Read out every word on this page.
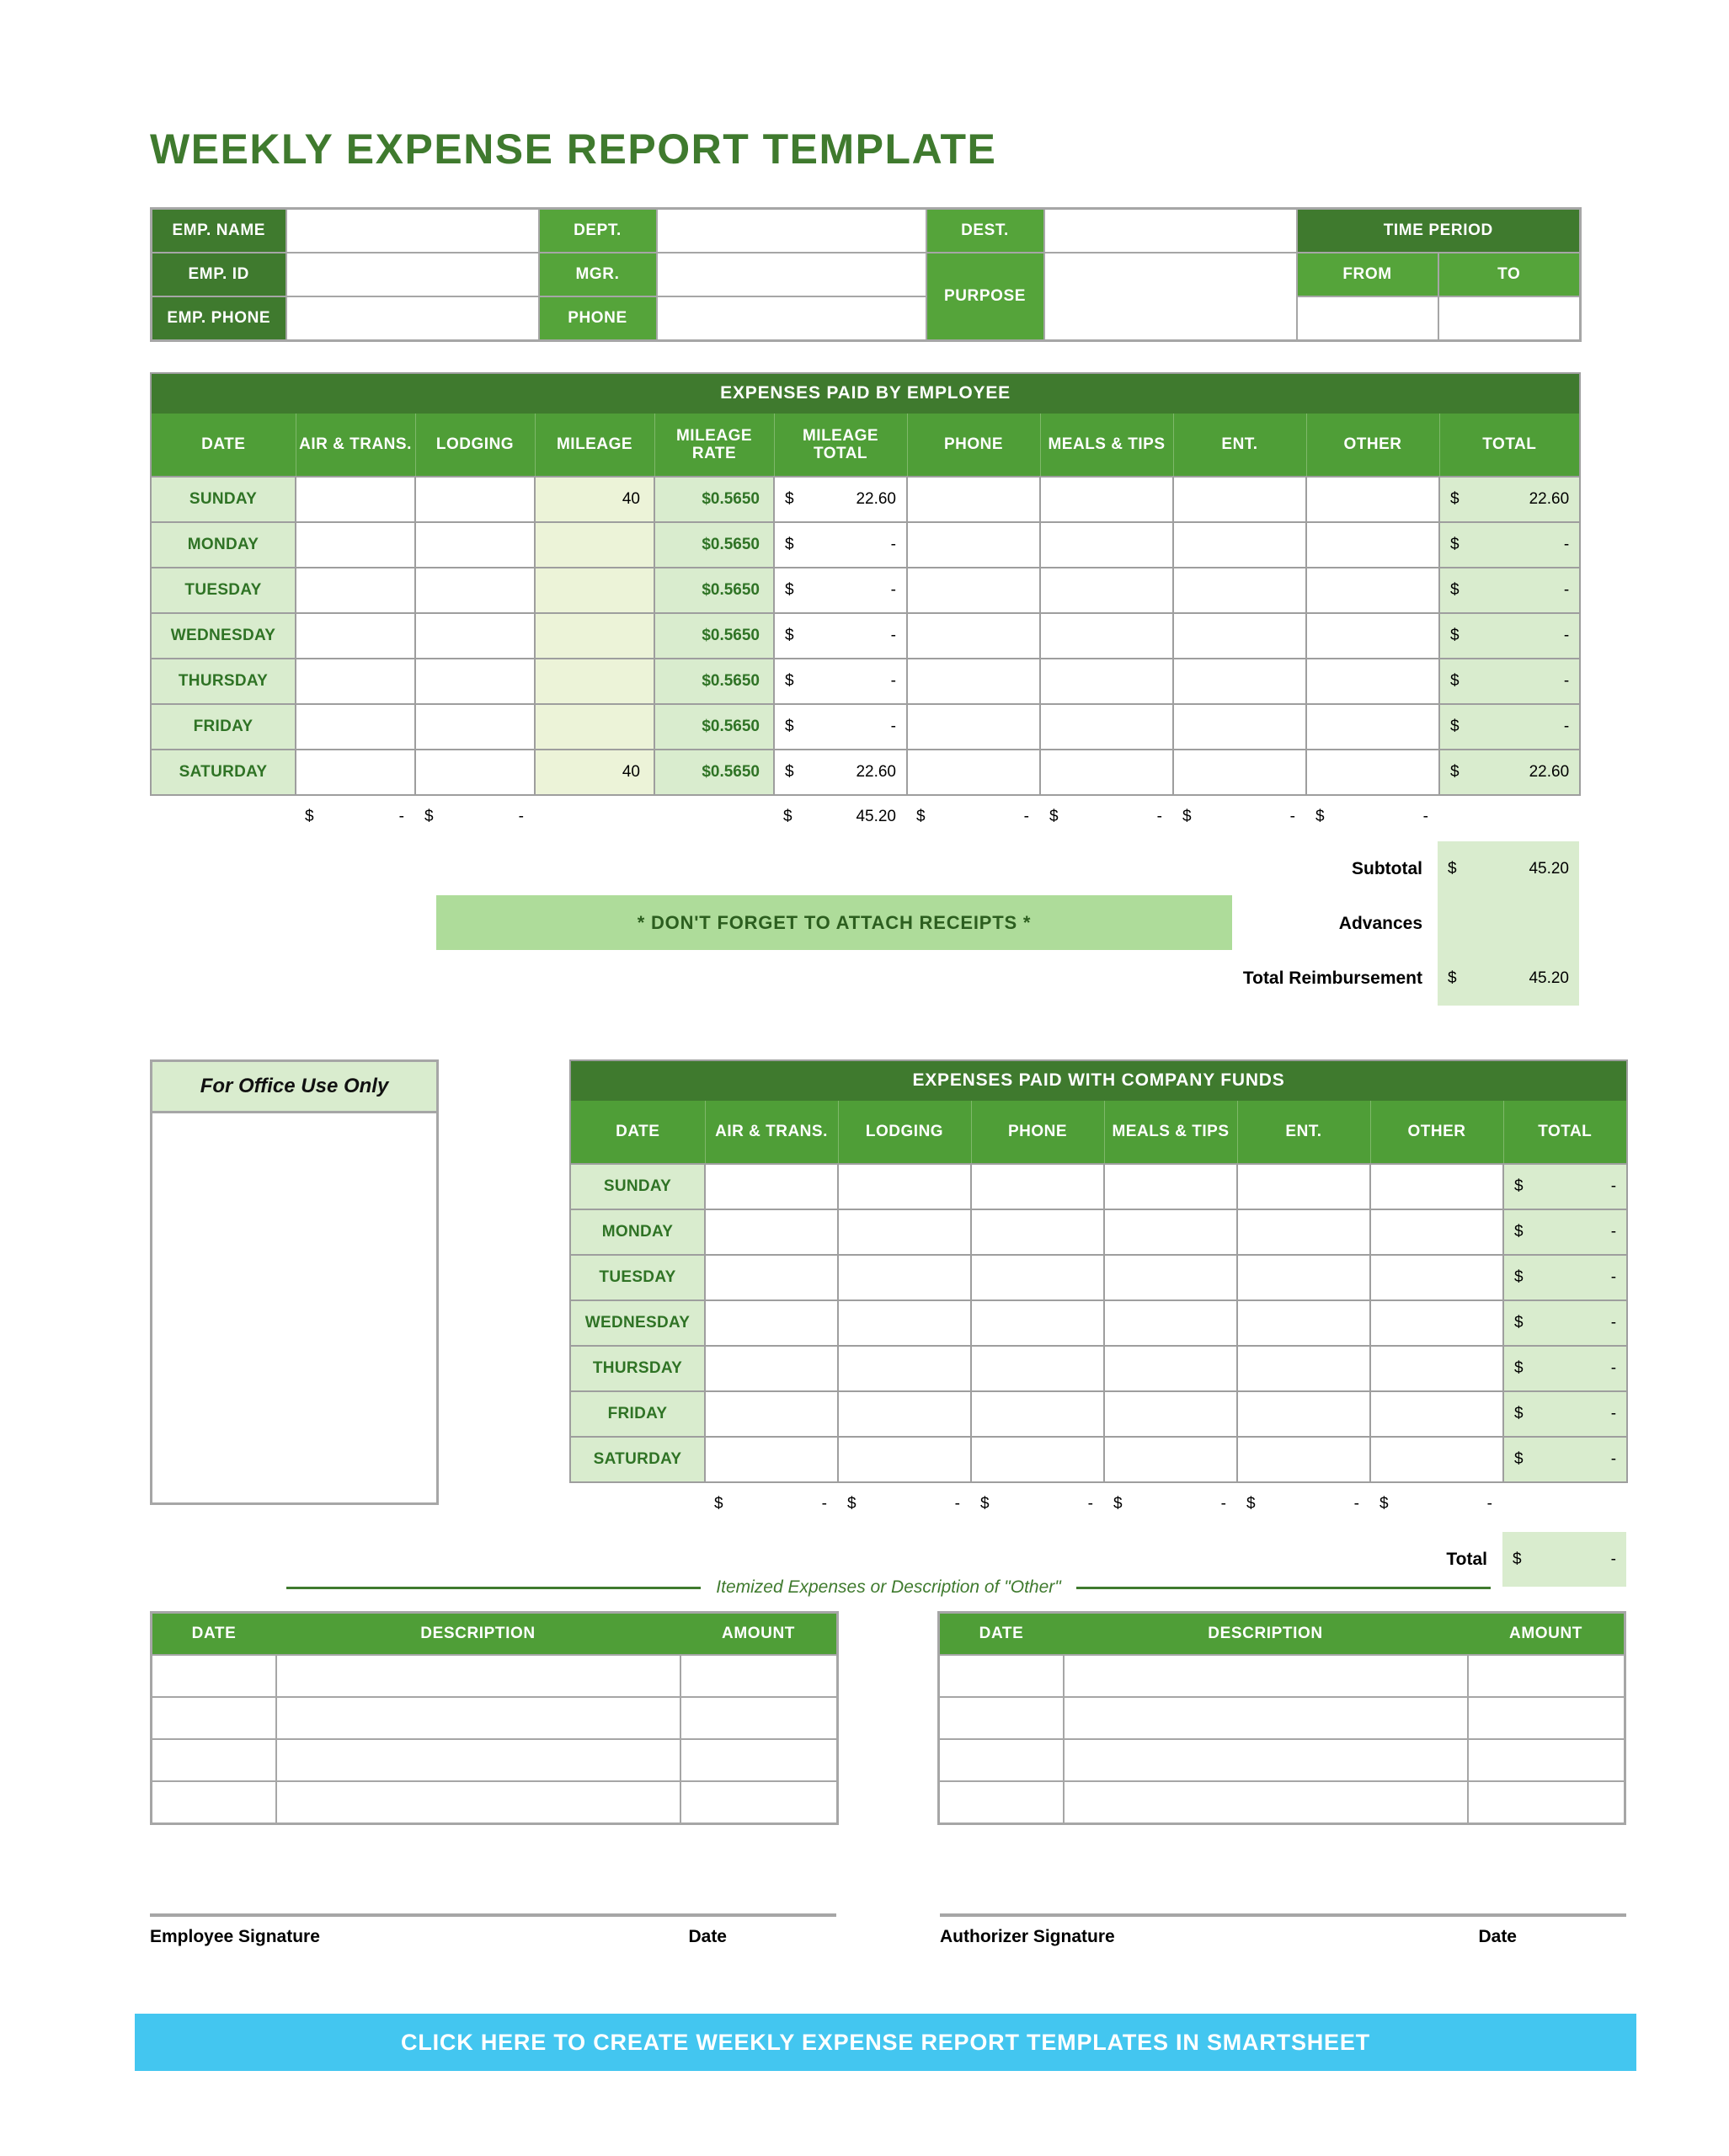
WEEKLY EXPENSE REPORT TEMPLATE
EMP. NAME		DEPT.		DEST.		TIME PERIOD	
EMP. ID		MGR.		PURPOSE		FROM	TO
EMP. PHONE		PHONE					
EXPENSES PAID BY EMPLOYEE										
DATE	AIR & TRANS.	LODGING	MILEAGE	MILEAGE RATE	MILEAGE TOTAL	PHONE	MEALS & TIPS	ENT.	OTHER	TOTAL
SUNDAY			40	$0.5650	$ 22.60					$ 22.60

MONDAY				$0.5650	$ -					$ -

TUESDAY				$0.5650	$ -					$ -

WEDNESDAY				$0.5650	$ -					$ -

THURSDAY				$0.5650	$ -					$ -

FRIDAY				$0.5650	$ -					$ -

SATURDAY			40	$0.5650	$ 22.60					$ 22.60

$	-	$	-			$	45.20	$	-	$	-	$	-	$	-

* DON'T FORGET TO ATTACH RECEIPTS *
Subtotal	$	45.20
Advances
Total Reimbursement	$	45.20
For Office Use Only	EXPENSES PAID WITH COMPANY FUNDS							
DATE	AIR & TRANS.	LODGING	PHONE	MEALS & TIPS	ENT.	OTHER	TOTAL
SUNDAY							$ -

MONDAY							$ -

TUESDAY							$ -

WEDNESDAY							$ -

THURSDAY							$ -

FRIDAY							$ -

SATURDAY							$ -

$	-	$	-	$	-	$	-	$	-	$	-

Total	$	-
Itemized Expenses or Description of "Other"
DATE	DESCRIPTION	AMOUNT

			DATE	DESCRIPTION	AMOUNT

Employee Signature	Date	Authorizer Signature	Date
CLICK HERE TO CREATE WEEKLY EXPENSE REPORT TEMPLATES IN SMARTSHEET
